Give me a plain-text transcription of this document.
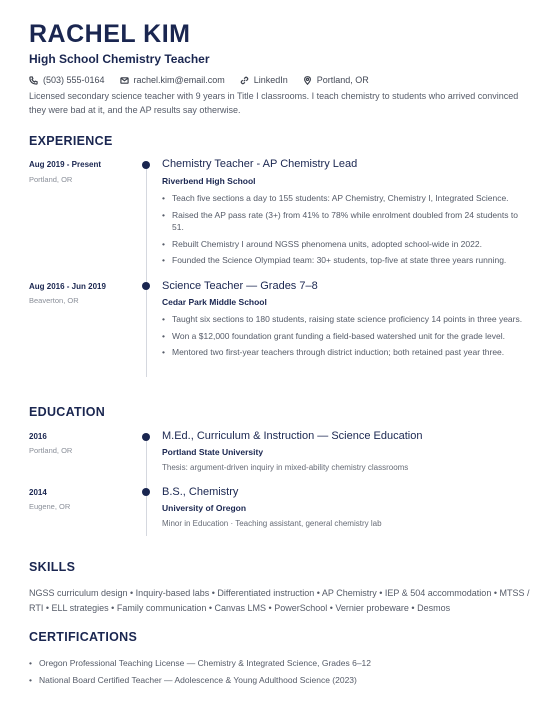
RACHEL KIM
High School Chemistry Teacher
(503) 555-0164	rachel.kim@email.com	LinkedIn	Portland, OR
Licensed secondary science teacher with 9 years in Title I classrooms. I teach chemistry to students who arrived convinced they were bad at it, and the AP results say otherwise.
EXPERIENCE
Aug 2019 - Present
Portland, OR
Chemistry Teacher - AP Chemistry Lead
Riverbend High School
• Teach five sections a day to 155 students: AP Chemistry, Chemistry I, Integrated Science.
• Raised the AP pass rate (3+) from 41% to 78% while enrolment doubled from 24 students to 51.
• Rebuilt Chemistry I around NGSS phenomena units, adopted school-wide in 2022.
• Founded the Science Olympiad team: 30+ students, top-five at state three years running.
Aug 2016 - Jun 2019
Beaverton, OR
Science Teacher — Grades 7–8
Cedar Park Middle School
• Taught six sections to 180 students, raising state science proficiency 14 points in three years.
• Won a $12,000 foundation grant funding a field-based watershed unit for the grade level.
• Mentored two first-year teachers through district induction; both retained past year three.
EDUCATION
2016
Portland, OR
M.Ed., Curriculum & Instruction — Science Education
Portland State University
Thesis: argument-driven inquiry in mixed-ability chemistry classrooms
2014
Eugene, OR
B.S., Chemistry
University of Oregon
Minor in Education · Teaching assistant, general chemistry lab
SKILLS
NGSS curriculum design • Inquiry-based labs • Differentiated instruction • AP Chemistry • IEP & 504 accommodation • MTSS / RTI • ELL strategies • Family communication • Canvas LMS • PowerSchool • Vernier probeware • Desmos
CERTIFICATIONS
• Oregon Professional Teaching License — Chemistry & Integrated Science, Grades 6–12
• National Board Certified Teacher — Adolescence & Young Adulthood Science (2023)
